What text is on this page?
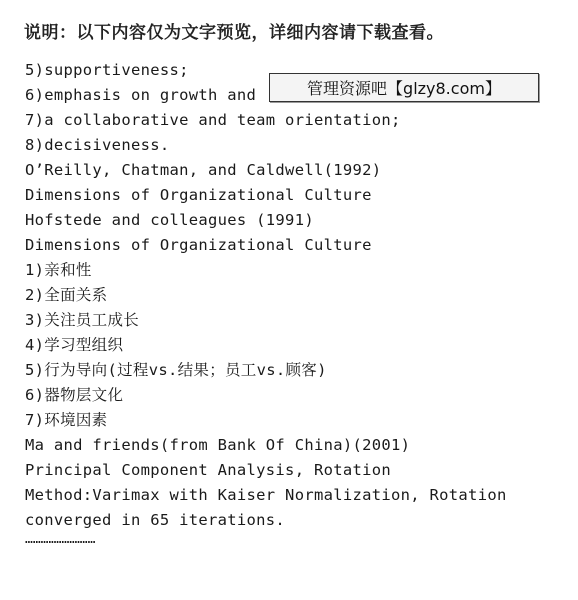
说明：以下内容仅为文字预览，详细内容请下载查看。
5)supportiveness;
6)emphasis on growth and
7)a collaborative and team orientation;
8)decisiveness.
O’Reilly, Chatman, and Caldwell(1992)
Dimensions of Organizational Culture
Hofstede and colleagues (1991)
Dimensions of Organizational Culture
1)亲和性
2)全面关系
3)关注员工成长
4)学习型组织
5)行为导向(过程vs.结果；员工vs.顾客)
6)器物层文化
7)环境因素
Ma and friends(from Bank Of China)(2001)
Principal Component Analysis, Rotation
Method:Varimax with Kaiser Normalization, Rotation
converged in 65 iterations.
………………………
管理资源吧【glzy8.com】
